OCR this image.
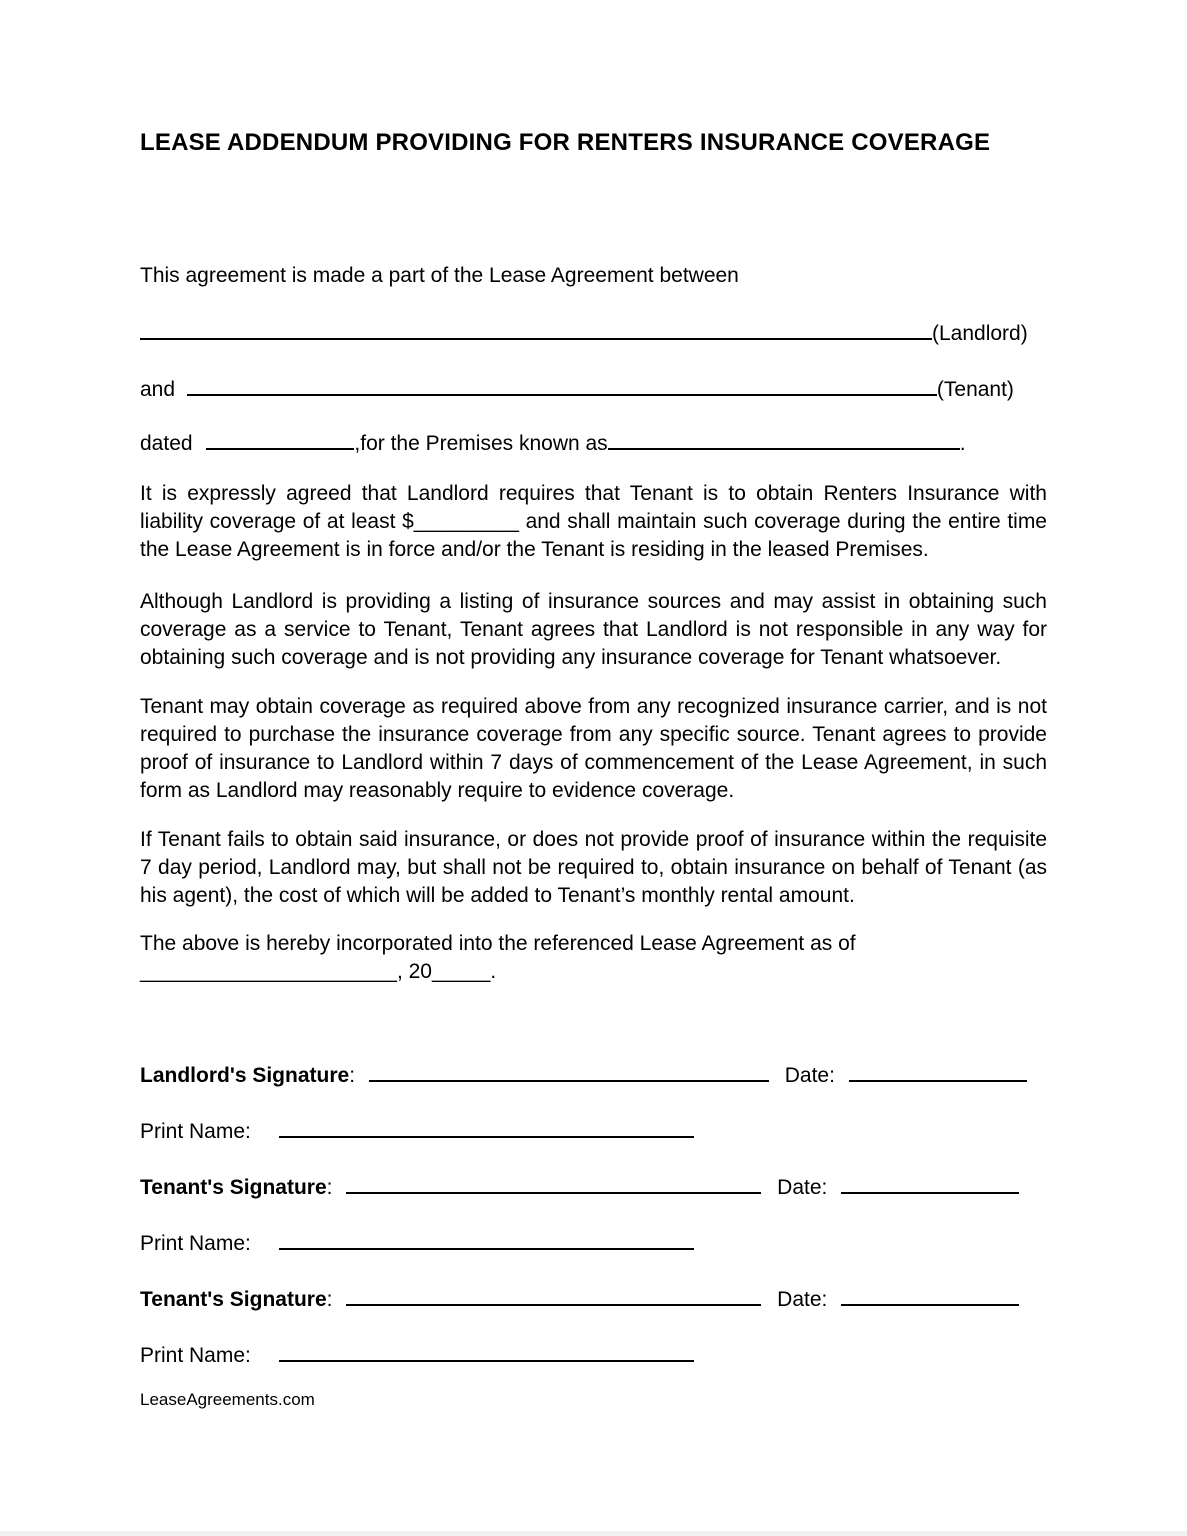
LEASE ADDENDUM PROVIDING FOR RENTERS INSURANCE COVERAGE

This agreement is made a part of the Lease Agreement between

(Landlord)
and	(Tenant)
dated	,for the Premises known as	.

It is expressly agreed that Landlord requires that Tenant is to obtain Renters Insurance with liability coverage of at least $_________ and shall maintain such coverage during the entire time the Lease Agreement is in force and/or the Tenant is residing in the leased Premises.

Although Landlord is providing a listing of insurance sources and may assist in obtaining such coverage as a service to Tenant, Tenant agrees that Landlord is not responsible in any way for obtaining such coverage and is not providing any insurance coverage for Tenant whatsoever.

Tenant may obtain coverage as required above from any recognized insurance carrier, and is not required to purchase the insurance coverage from any specific source. Tenant agrees to provide proof of insurance to Landlord within 7 days of commencement of the Lease Agreement, in such form as Landlord may reasonably require to evidence coverage.

If Tenant fails to obtain said insurance, or does not provide proof of insurance within the requisite 7 day period, Landlord may, but shall not be required to, obtain insurance on behalf of Tenant (as his agent), the cost of which will be added to Tenant’s monthly rental amount.

The above is hereby incorporated into the referenced Lease Agreement as of
______________________, 20_____.

Landlord's Signature:	Date:
Print Name:
Tenant's Signature:	Date:
Print Name:
Tenant's Signature:	Date:
Print Name:

LeaseAgreements.com
